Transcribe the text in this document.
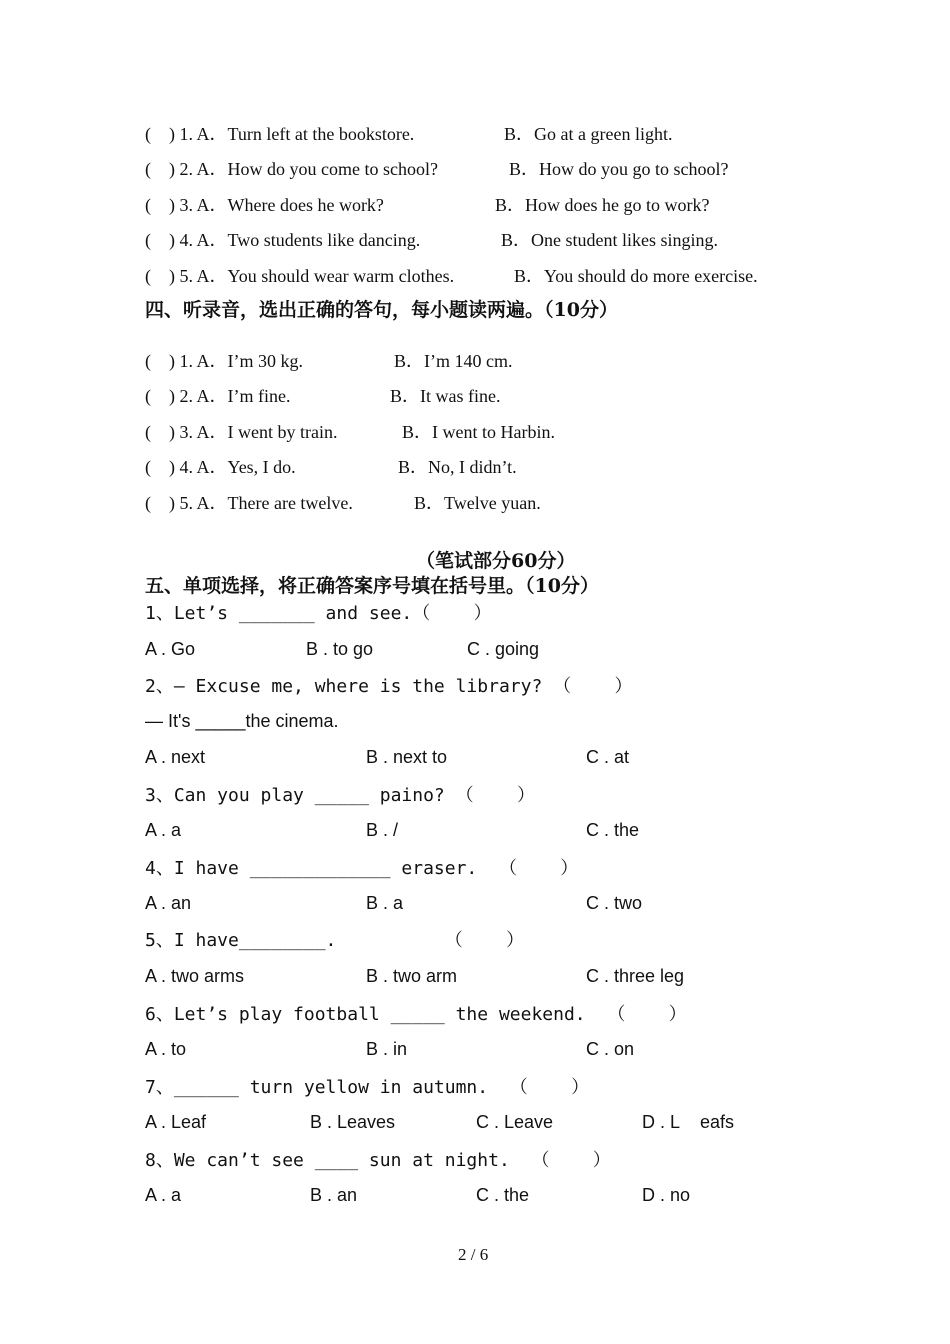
(    ) 1. A．Turn left at the bookstore.	B．Go at a green light.
(    ) 2. A．How do you come to school?	B．How do you go to school?
(    ) 3. A．Where does he work?	B．How does he go to work?
(    ) 4. A．Two students like dancing.	B．One student likes singing.
(    ) 5. A．You should wear warm clothes.	B．You should do more exercise.
四、听录音，选出正确的答句，每小题读两遍。（10分）
(    ) 1. A．I’m 30 kg.	B．I’m 140 cm.
(    ) 2. A．I’m fine.	B．It was fine.
(    ) 3. A．I went by train.	B．I went to Harbin.
(    ) 4. A．Yes, I do.	B．No, I didn’t.
(    ) 5. A．There are twelve.	B．Twelve yuan.
（笔试部分60分）
五、单项选择，将正确答案序号填在括号里。（10分）
1、Let’s _______ and see.（    ）
A . Go	B . to go	C . going
2、— Excuse me, where is the library? （    ）
— It's _____the cinema.
A . next	B . next to	C . at
3、Can you play _____ paino? （    ）
A . a	B . /	C . the
4、I have _____________ eraser.  （    ）
A . an	B . a	C . two
5、I have________.          （    ）
A . two arms	B . two arm	C . three leg
6、Let’s play football _____ the weekend.  （    ）
A . to	B . in	C . on
7、______ turn yellow in autumn.  （    ）
A . Leaf	B . Leaves	C . Leave	D . L    eafs
8、We can’t see ____ sun at night.  （    ）
A . a	B . an	C . the	D . no
2 / 6
